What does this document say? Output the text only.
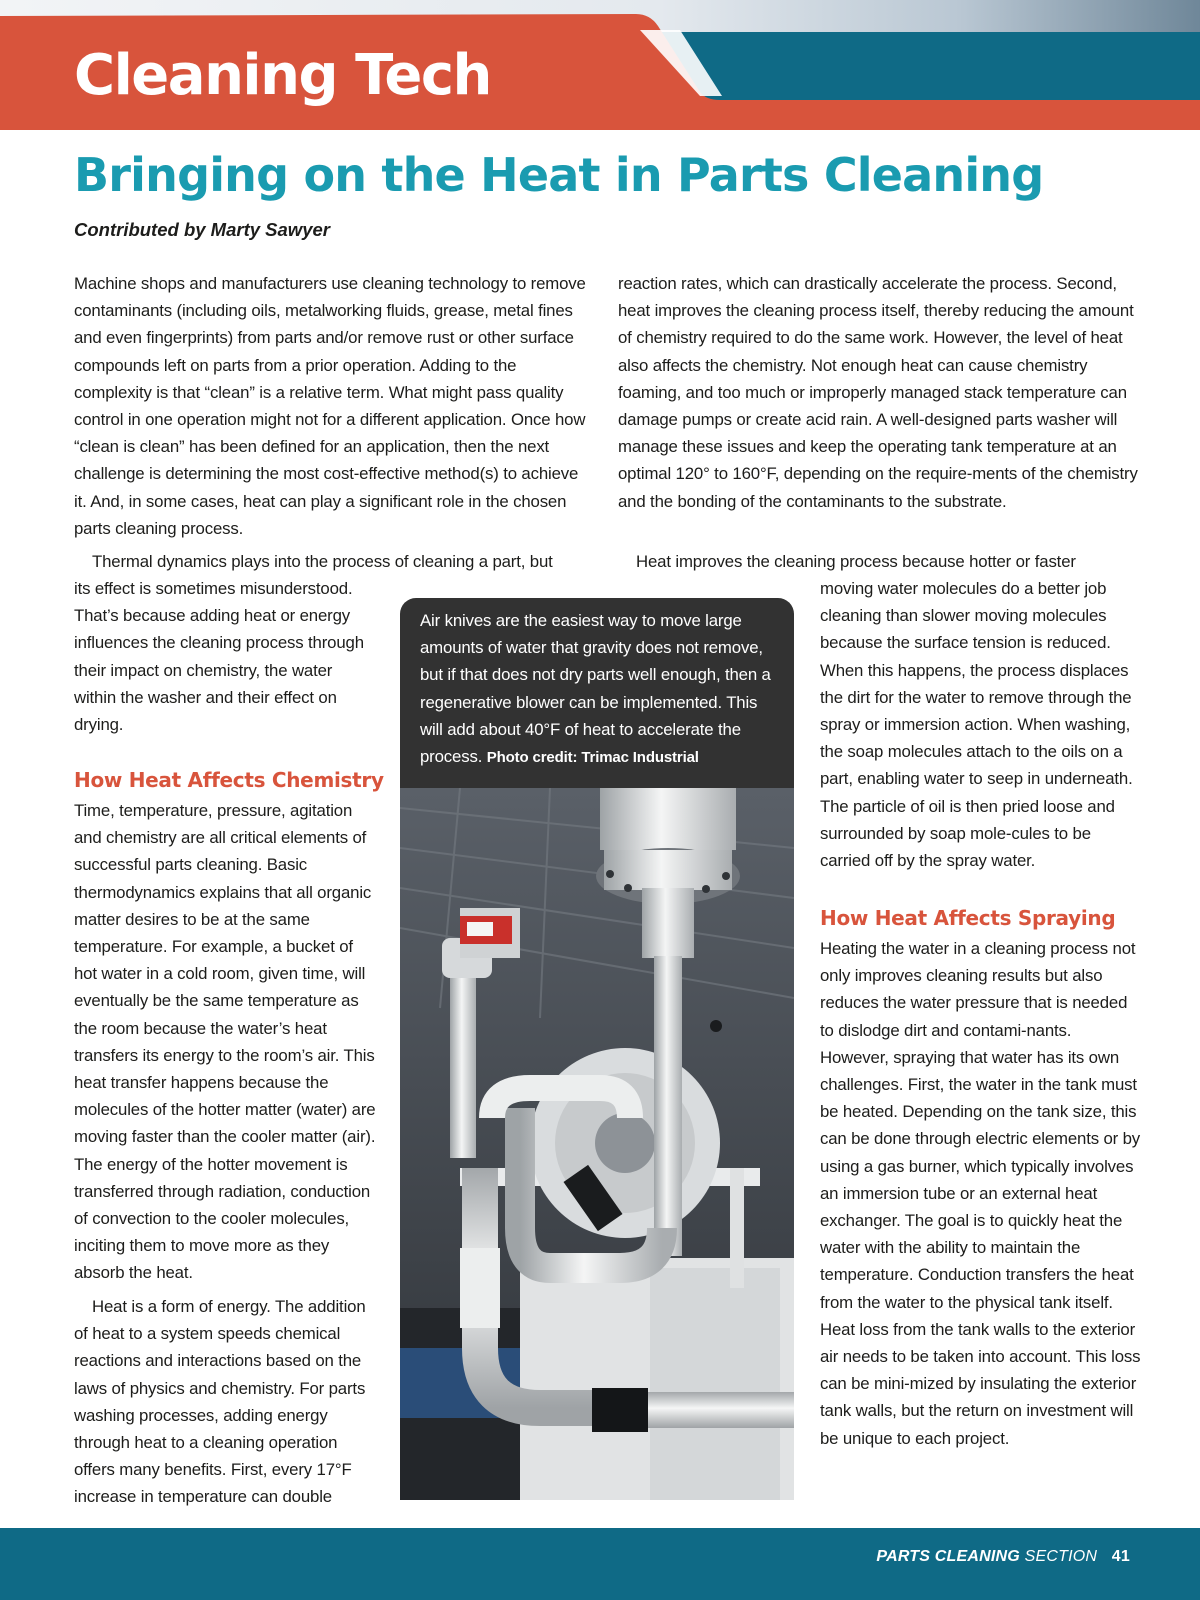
Cleaning Tech
Bringing on the Heat in Parts Cleaning
Contributed by Marty Sawyer

Machine shops and manufacturers use cleaning technology to remove contaminants (including oils, metalworking fluids, grease, metal fines and even fingerprints) from parts and/or remove rust or other surface compounds left on parts from a prior operation. Adding to the complexity is that “clean” is a relative term. What might pass quality control in one operation might not for a different application. Once how “clean is clean” has been defined for an application, then the next challenge is determining the most cost-effective method(s) to achieve it. And, in some cases, heat can play a significant role in the chosen parts cleaning process.

Thermal dynamics plays into the process of cleaning a part, but

its effect is sometimes misunderstood. That’s because adding heat or energy influences the cleaning process through their impact on chemistry, the water within the washer and their effect on drying.

How Heat Affects Chemistry

Time, temperature, pressure, agitation and chemistry are all critical elements of successful parts cleaning. Basic thermodynamics explains that all organic matter desires to be at the same temperature. For example, a bucket of hot water in a cold room, given time, will eventually be the same temperature as the room because the water’s heat transfers its energy to the room’s air. This heat transfer happens because the molecules of the hotter matter (water) are moving faster than the cooler matter (air). The energy of the hotter movement is transferred through radiation, conduction of convection to the cooler molecules, inciting them to move more as they absorb the heat.

Heat is a form of energy. The addition of heat to a system speeds chemical reactions and interactions based on the laws of physics and chemistry. For parts washing processes, adding energy through heat to a cleaning operation offers many benefits. First, every 17°F increase in temperature can double

reaction rates, which can drastically accelerate the process. Second, heat improves the cleaning process itself, thereby reducing the amount of chemistry required to do the same work. However, the level of heat also affects the chemistry. Not enough heat can cause chemistry foaming, and too much or improperly managed stack temperature can damage pumps or create acid rain. A well-designed parts washer will manage these issues and keep the operating tank temperature at an optimal 120° to 160°F, depending on the require-ments of the chemistry and the bonding of the contaminants to the substrate.

Heat improves the cleaning process because hotter or faster

moving water molecules do a better job cleaning than slower moving molecules because the surface tension is reduced. When this happens, the process displaces the dirt for the water to remove through the spray or immersion action. When washing, the soap molecules attach to the oils on a part, enabling water to seep in underneath. The particle of oil is then pried loose and surrounded by soap mole-cules to be carried off by the spray water.

How Heat Affects Spraying

Heating the water in a cleaning process not only improves cleaning results but also reduces the water pressure that is needed to dislodge dirt and contami-nants. However, spraying that water has its own challenges. First, the water in the tank must be heated. Depending on the tank size, this can be done through electric elements or by using a gas burner, which typically involves an immersion tube or an external heat exchanger. The goal is to quickly heat the water with the ability to maintain the temperature. Conduction transfers the heat from the water to the physical tank itself. Heat loss from the tank walls to the exterior air needs to be taken into account. This loss can be mini-mized by insulating the exterior tank walls, but the return on investment will be unique to each project.

Air knives are the easiest way to move large amounts of water that gravity does not remove, but if that does not dry parts well enough, then a regenerative blower can be implemented. This will add about 40°F of heat to accelerate the process. Photo credit: Trimac Industrial
PARTS CLEANING SECTION 41
